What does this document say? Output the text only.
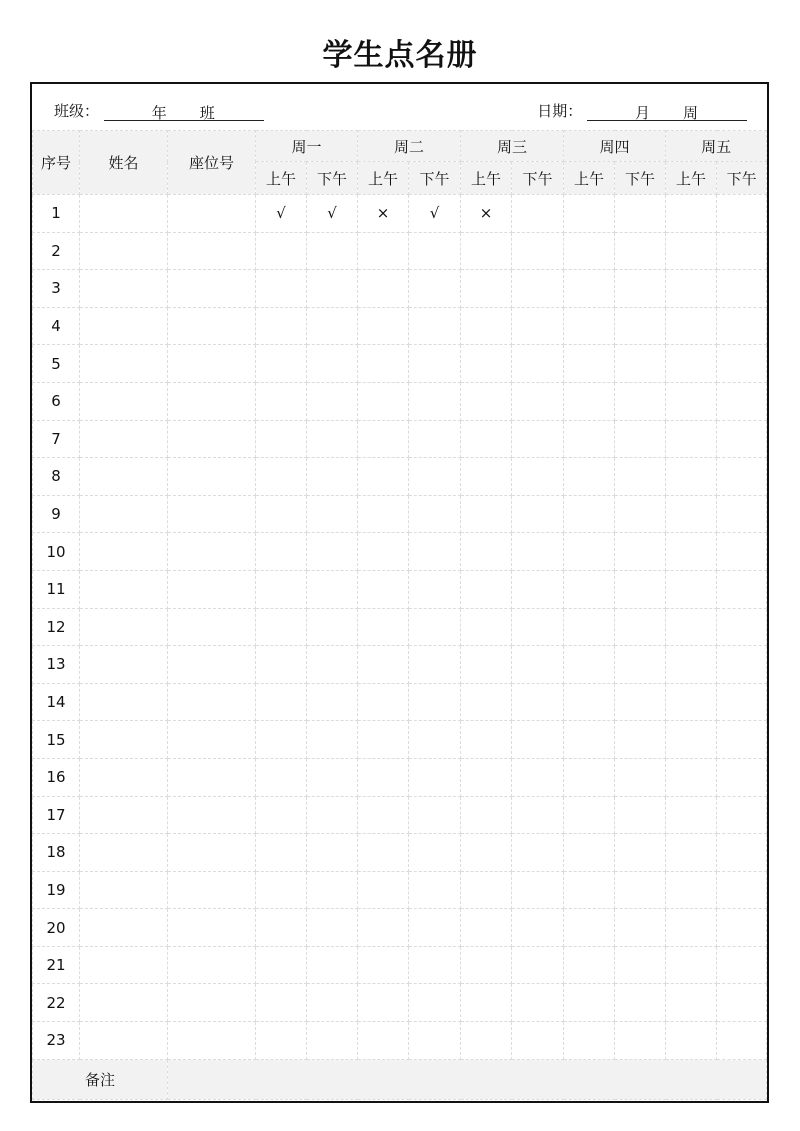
学生点名册
班级：	年 班	日期：	月 周
序号	姓名	座位号	周一		周二		周三		周四		周五	
			上午	下午	上午	下午	上午	下午	上午	下午	上午	下午
1			√	√	×	√	×					
2												
3												
4												
5												
6												
7												
8												
9												
10												
11												
12												
13												
14												
15												
16												
17												
18												
19												
20												
21												
22												
23												
备注												
